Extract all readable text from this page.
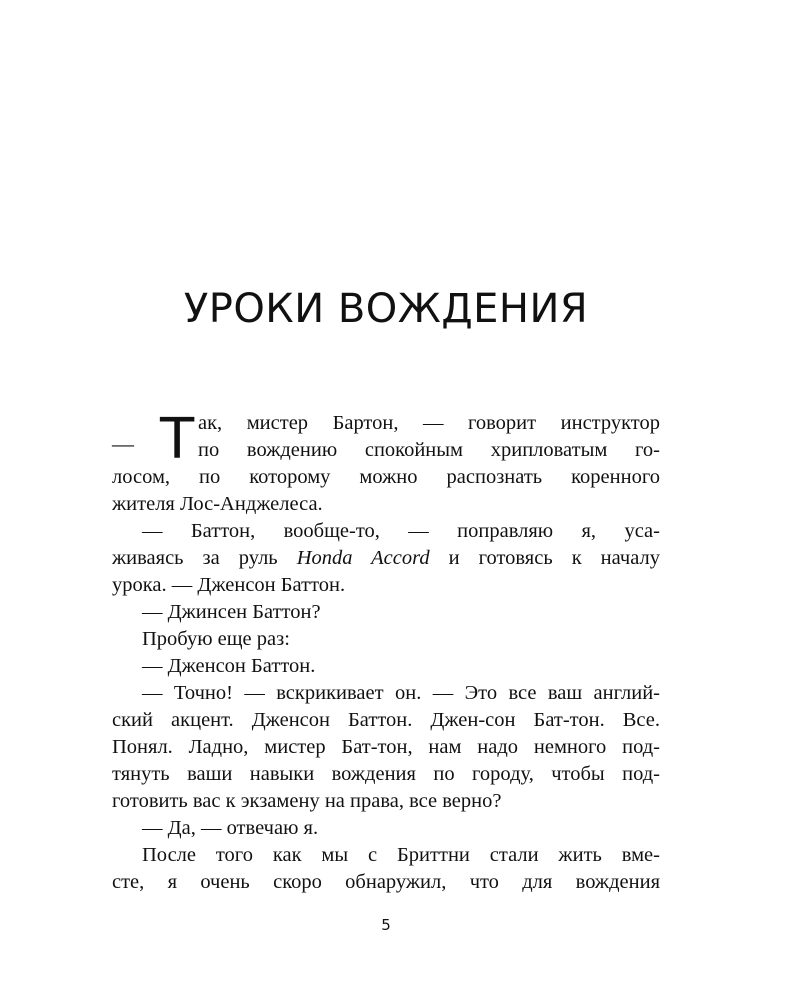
УРОКИ ВОЖДЕНИЯ
— Т ак, мистер Бартон, — говорит инструктор
по вождению спокойным хрипловатым го-
лосом, по которому можно распознать коренного
жителя Лос-Анджелеса.
— Баттон, вообще-то, — поправляю я, уса-
живаясь за руль Honda Accord и готовясь к началу
урока. — Дженсон Баттон.
— Джинсен Баттон?
Пробую еще раз:
— Дженсон Баттон.
— Точно! — вскрикивает он. — Это все ваш англий-
ский акцент. Дженсон Баттон. Джен-сон Бат-тон. Все.
Понял. Ладно, мистер Бат-тон, нам надо немного под-
тянуть ваши навыки вождения по городу, чтобы под-
готовить вас к экзамену на права, все верно?
— Да, — отвечаю я.
После того как мы с Бриттни стали жить вме-
сте, я очень скоро обнаружил, что для вождения
5
